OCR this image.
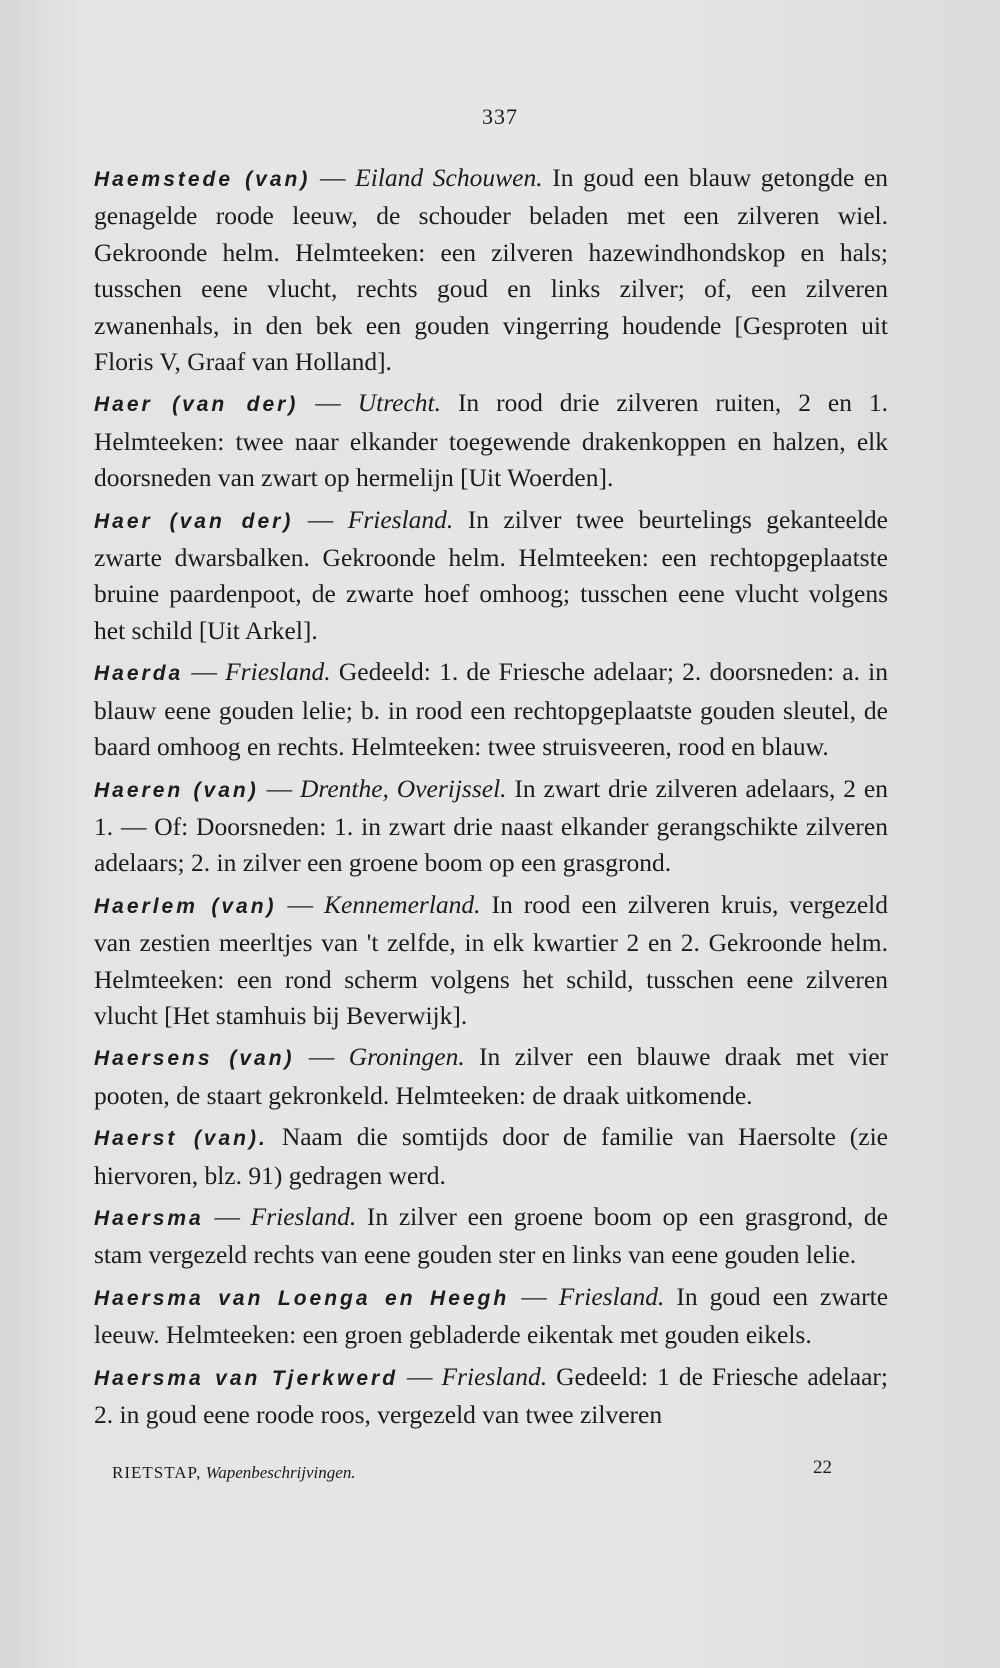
337

Haemstede (van) — Eiland Schouwen. In goud een blauw getongde en genagelde roode leeuw, de schouder beladen met een zilveren wiel. Gekroonde helm. Helmteeken: een zilveren hazewindhondskop en hals; tusschen eene vlucht, rechts goud en links zilver; of, een zilveren zwanenhals, in den bek een gouden vingerring houdende [Gesproten uit Floris V, Graaf van Holland].

Haer (van der) — Utrecht. In rood drie zilveren ruiten, 2 en 1. Helmteeken: twee naar elkander toegewende drakenkoppen en halzen, elk doorsneden van zwart op hermelijn [Uit Woerden].

Haer (van der) — Friesland. In zilver twee beurtelings gekanteelde zwarte dwarsbalken. Gekroonde helm. Helmteeken: een rechtopgeplaatste bruine paardenpoot, de zwarte hoef omhoog; tusschen eene vlucht volgens het schild [Uit Arkel].

Haerda — Friesland. Gedeeld: 1. de Friesche adelaar; 2. doorsneden: a. in blauw eene gouden lelie; b. in rood een rechtopgeplaatste gouden sleutel, de baard omhoog en rechts. Helmteeken: twee struisveeren, rood en blauw.

Haeren (van) — Drenthe, Overijssel. In zwart drie zilveren adelaars, 2 en 1. — Of: Doorsneden: 1. in zwart drie naast elkander gerangschikte zilveren adelaars; 2. in zilver een groene boom op een grasgrond.

Haerlem (van) — Kennemerland. In rood een zilveren kruis, vergezeld van zestien meerltjes van 't zelfde, in elk kwartier 2 en 2. Gekroonde helm. Helmteeken: een rond scherm volgens het schild, tusschen eene zilveren vlucht [Het stamhuis bij Beverwijk].

Haersens (van) — Groningen. In zilver een blauwe draak met vier pooten, de staart gekronkeld. Helmteeken: de draak uitkomende.

Haerst (van). Naam die somtijds door de familie van Haersolte (zie hiervoren, blz. 91) gedragen werd.

Haersma — Friesland. In zilver een groene boom op een grasgrond, de stam vergezeld rechts van eene gouden ster en links van eene gouden lelie.

Haersma van Loenga en Heegh — Friesland. In goud een zwarte leeuw. Helmteeken: een groen gebladerde eikentak met gouden eikels.

Haersma van Tjerkwerd — Friesland. Gedeeld: 1 de Friesche adelaar; 2. in goud eene roode roos, vergezeld van twee zilveren

RIETSTAP, Wapenbeschrijvingen.	22
